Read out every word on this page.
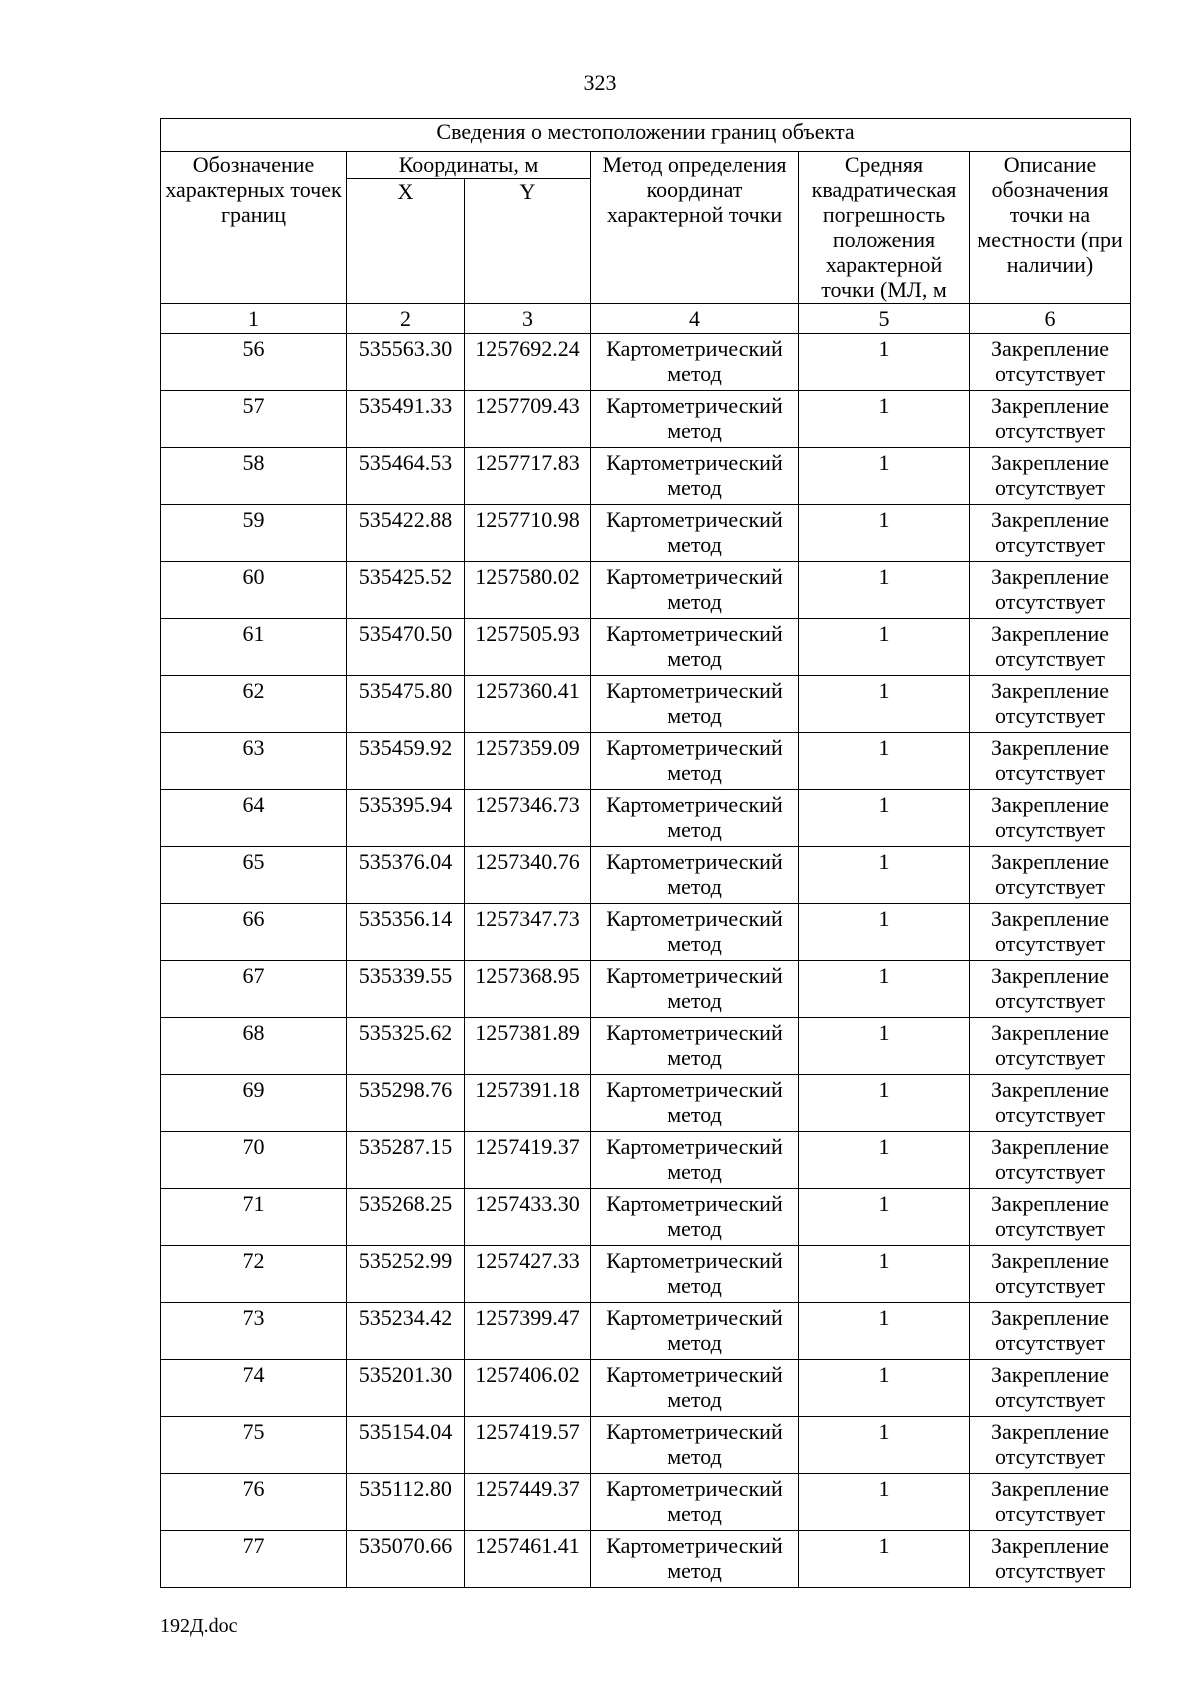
323
Сведения о местоположении границ объекта					
Обозначение характерных точек границ	Координаты, м		Метод определения координат характерной точки	Средняя квадратическая погрешность положения характерной точки (МЛ, м	Описание обозначения точки на местности (при наличии)
	X	Y			
1	2	3	4	5	6
56	535563.30	1257692.24	Картометрический метод	1	Закрепление отсутствует
57	535491.33	1257709.43	Картометрический метод	1	Закрепление отсутствует
58	535464.53	1257717.83	Картометрический метод	1	Закрепление отсутствует
59	535422.88	1257710.98	Картометрический метод	1	Закрепление отсутствует
60	535425.52	1257580.02	Картометрический метод	1	Закрепление отсутствует
61	535470.50	1257505.93	Картометрический метод	1	Закрепление отсутствует
62	535475.80	1257360.41	Картометрический метод	1	Закрепление отсутствует
63	535459.92	1257359.09	Картометрический метод	1	Закрепление отсутствует
64	535395.94	1257346.73	Картометрический метод	1	Закрепление отсутствует
65	535376.04	1257340.76	Картометрический метод	1	Закрепление отсутствует
66	535356.14	1257347.73	Картометрический метод	1	Закрепление отсутствует
67	535339.55	1257368.95	Картометрический метод	1	Закрепление отсутствует
68	535325.62	1257381.89	Картометрический метод	1	Закрепление отсутствует
69	535298.76	1257391.18	Картометрический метод	1	Закрепление отсутствует
70	535287.15	1257419.37	Картометрический метод	1	Закрепление отсутствует
71	535268.25	1257433.30	Картометрический метод	1	Закрепление отсутствует
72	535252.99	1257427.33	Картометрический метод	1	Закрепление отсутствует
73	535234.42	1257399.47	Картометрический метод	1	Закрепление отсутствует
74	535201.30	1257406.02	Картометрический метод	1	Закрепление отсутствует
75	535154.04	1257419.57	Картометрический метод	1	Закрепление отсутствует
76	535112.80	1257449.37	Картометрический метод	1	Закрепление отсутствует
77	535070.66	1257461.41	Картометрический метод	1	Закрепление отсутствует
192Д.doc
